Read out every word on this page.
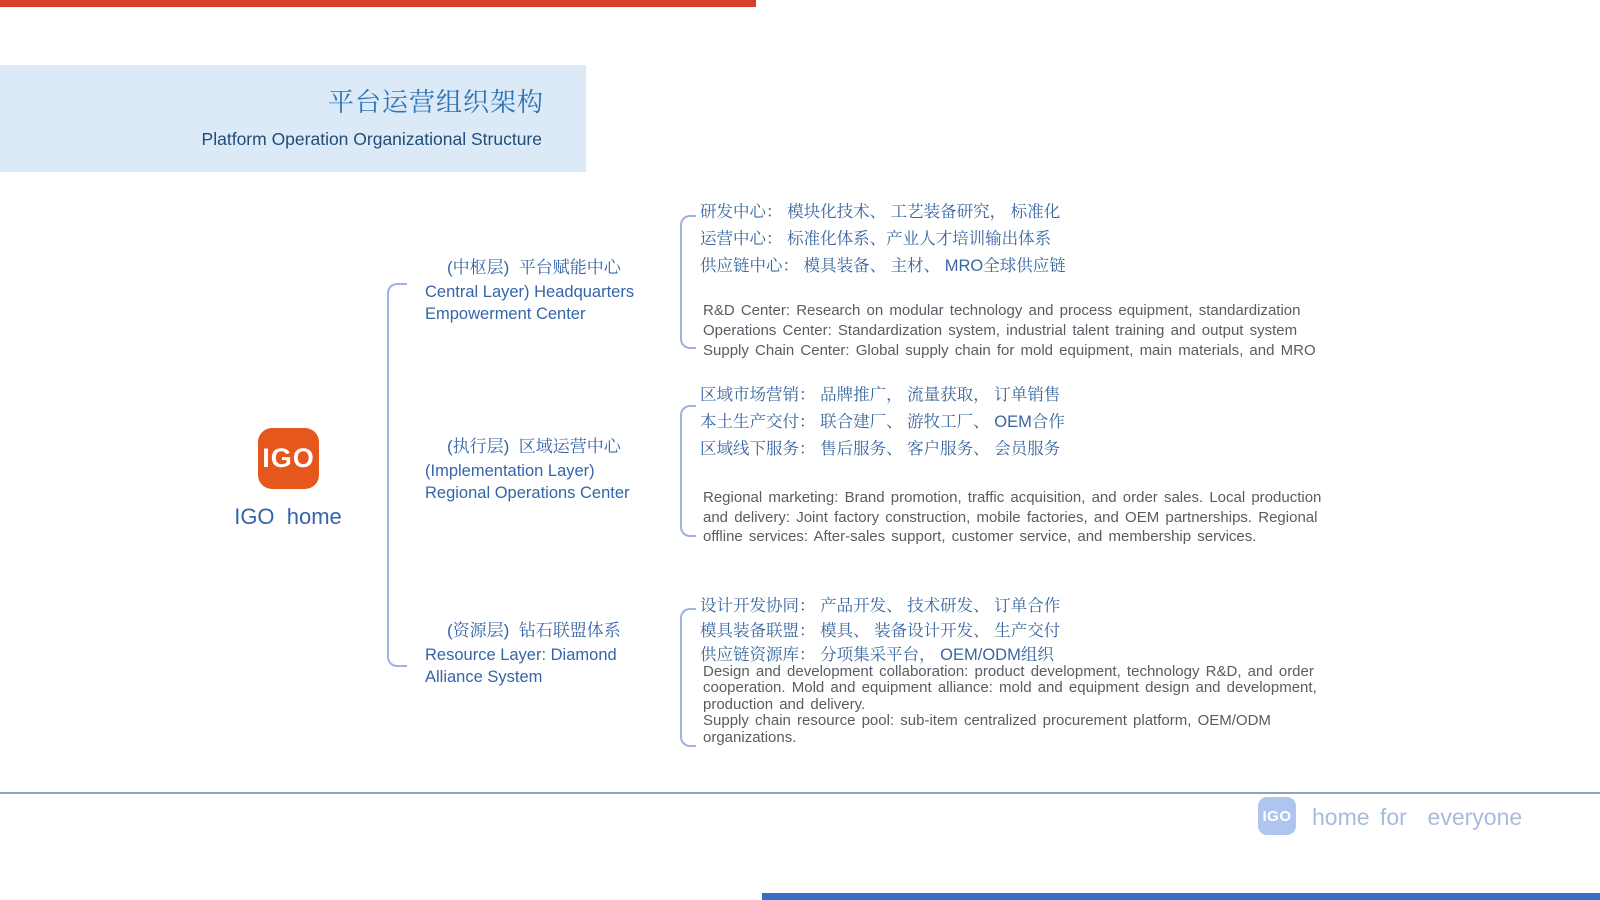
平台运营组织架构
Platform Operation Organizational Structure
IGO
IGO  home
(中枢层)  平台赋能中心
Central Layer) Headquarters
Empowerment Center
(执行层)  区域运营中心
(Implementation Layer)
Regional Operations Center
(资源层)  钻石联盟体系
Resource Layer: Diamond
Alliance System
研发中心： 模块化技术、 工艺装备研究， 标准化
运营中心： 标准化体系、产业人才培训输出体系
供应链中心： 模具装备、 主材、 MRO全球供应链
R&D Center: Research on modular technology and process equipment, standardization
Operations Center: Standardization system, industrial talent training and output system
Supply Chain Center: Global supply chain for mold equipment, main materials, and MRO
区域市场营销： 品牌推广， 流量获取， 订单销售
本土生产交付： 联合建厂、 游牧工厂、 OEM合作
区域线下服务： 售后服务、 客户服务、 会员服务
Regional marketing: Brand promotion, traffic acquisition, and order sales. Local production and delivery: Joint factory construction, mobile factories, and OEM partnerships. Regional offline services: After-sales support, customer service, and membership services.
设计开发协同： 产品开发、 技术研发、 订单合作
模具装备联盟： 模具、 装备设计开发、 生产交付
供应链资源库： 分项集采平台， OEM/ODM组织

Design and development collaboration: product development, technology R&D, and order cooperation. Mold and equipment alliance: mold and equipment design and development, production and delivery.

Supply chain resource pool: sub-item centralized procurement platform, OEM/ODM organizations.

IGO home for  everyone
